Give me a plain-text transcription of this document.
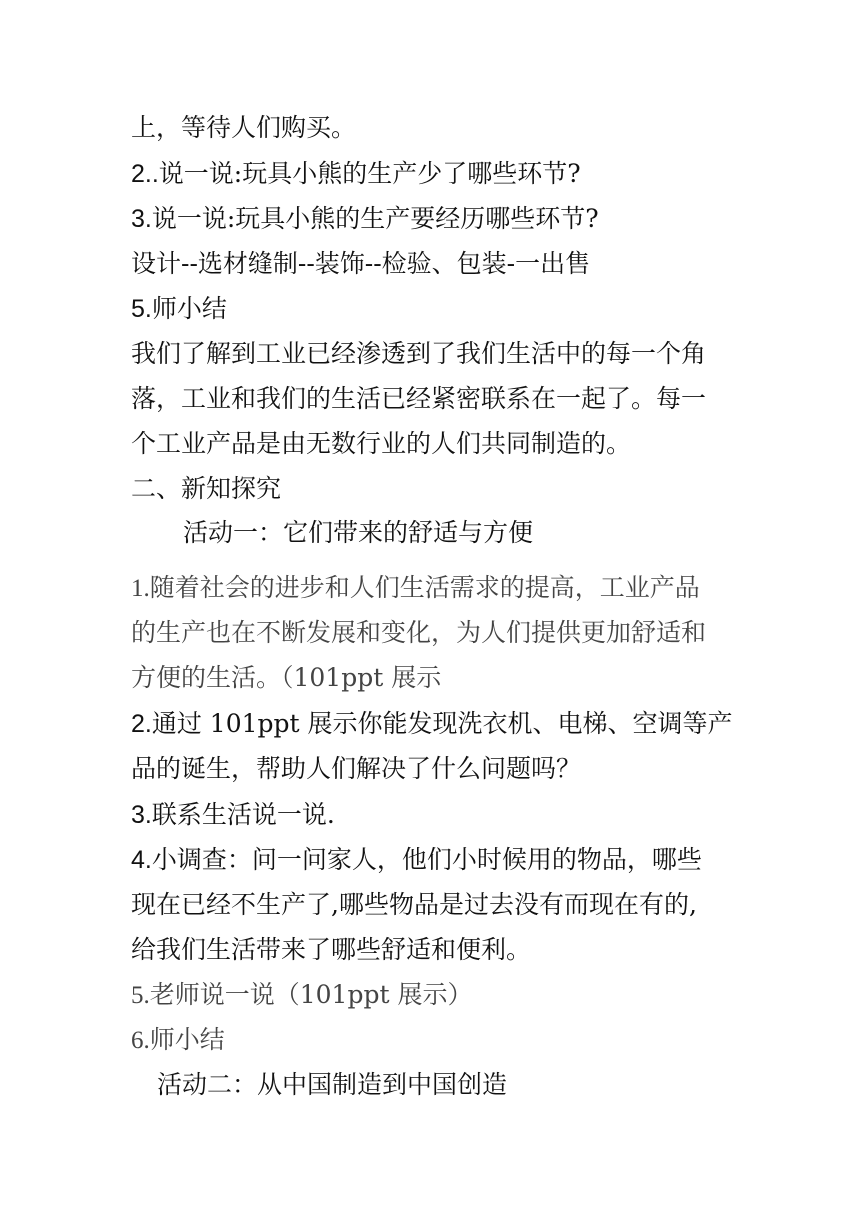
上，等待人们购买。
2..说一说:玩具小熊的生产少了哪些环节?
3.说一说:玩具小熊的生产要经历哪些环节?
设计--选材缝制--装饰--检验、包装-一出售
5.师小结
我们了解到工业已经渗透到了我们生活中的每一个角
落，工业和我们的生活已经紧密联系在一起了。每一
个工业产品是由无数行业的人们共同制造的。
二、新知探究
活动一：它们带来的舒适与方便
1.随着社会的进步和人们生活需求的提高，工业产品
的生产也在不断发展和变化，为人们提供更加舒适和
方便的生活。（101ppt 展示
2.通过 101ppt 展示你能发现洗衣机、电梯、空调等产
品的诞生，帮助人们解决了什么问题吗？
3.联系生活说一说.
4.小调查：问一问家人，他们小时候用的物品，哪些
现在已经不生产了,哪些物品是过去没有而现在有的,
给我们生活带来了哪些舒适和便利。
5.老师说一说（101ppt 展示）
6.师小结
活动二：从中国制造到中国创造
